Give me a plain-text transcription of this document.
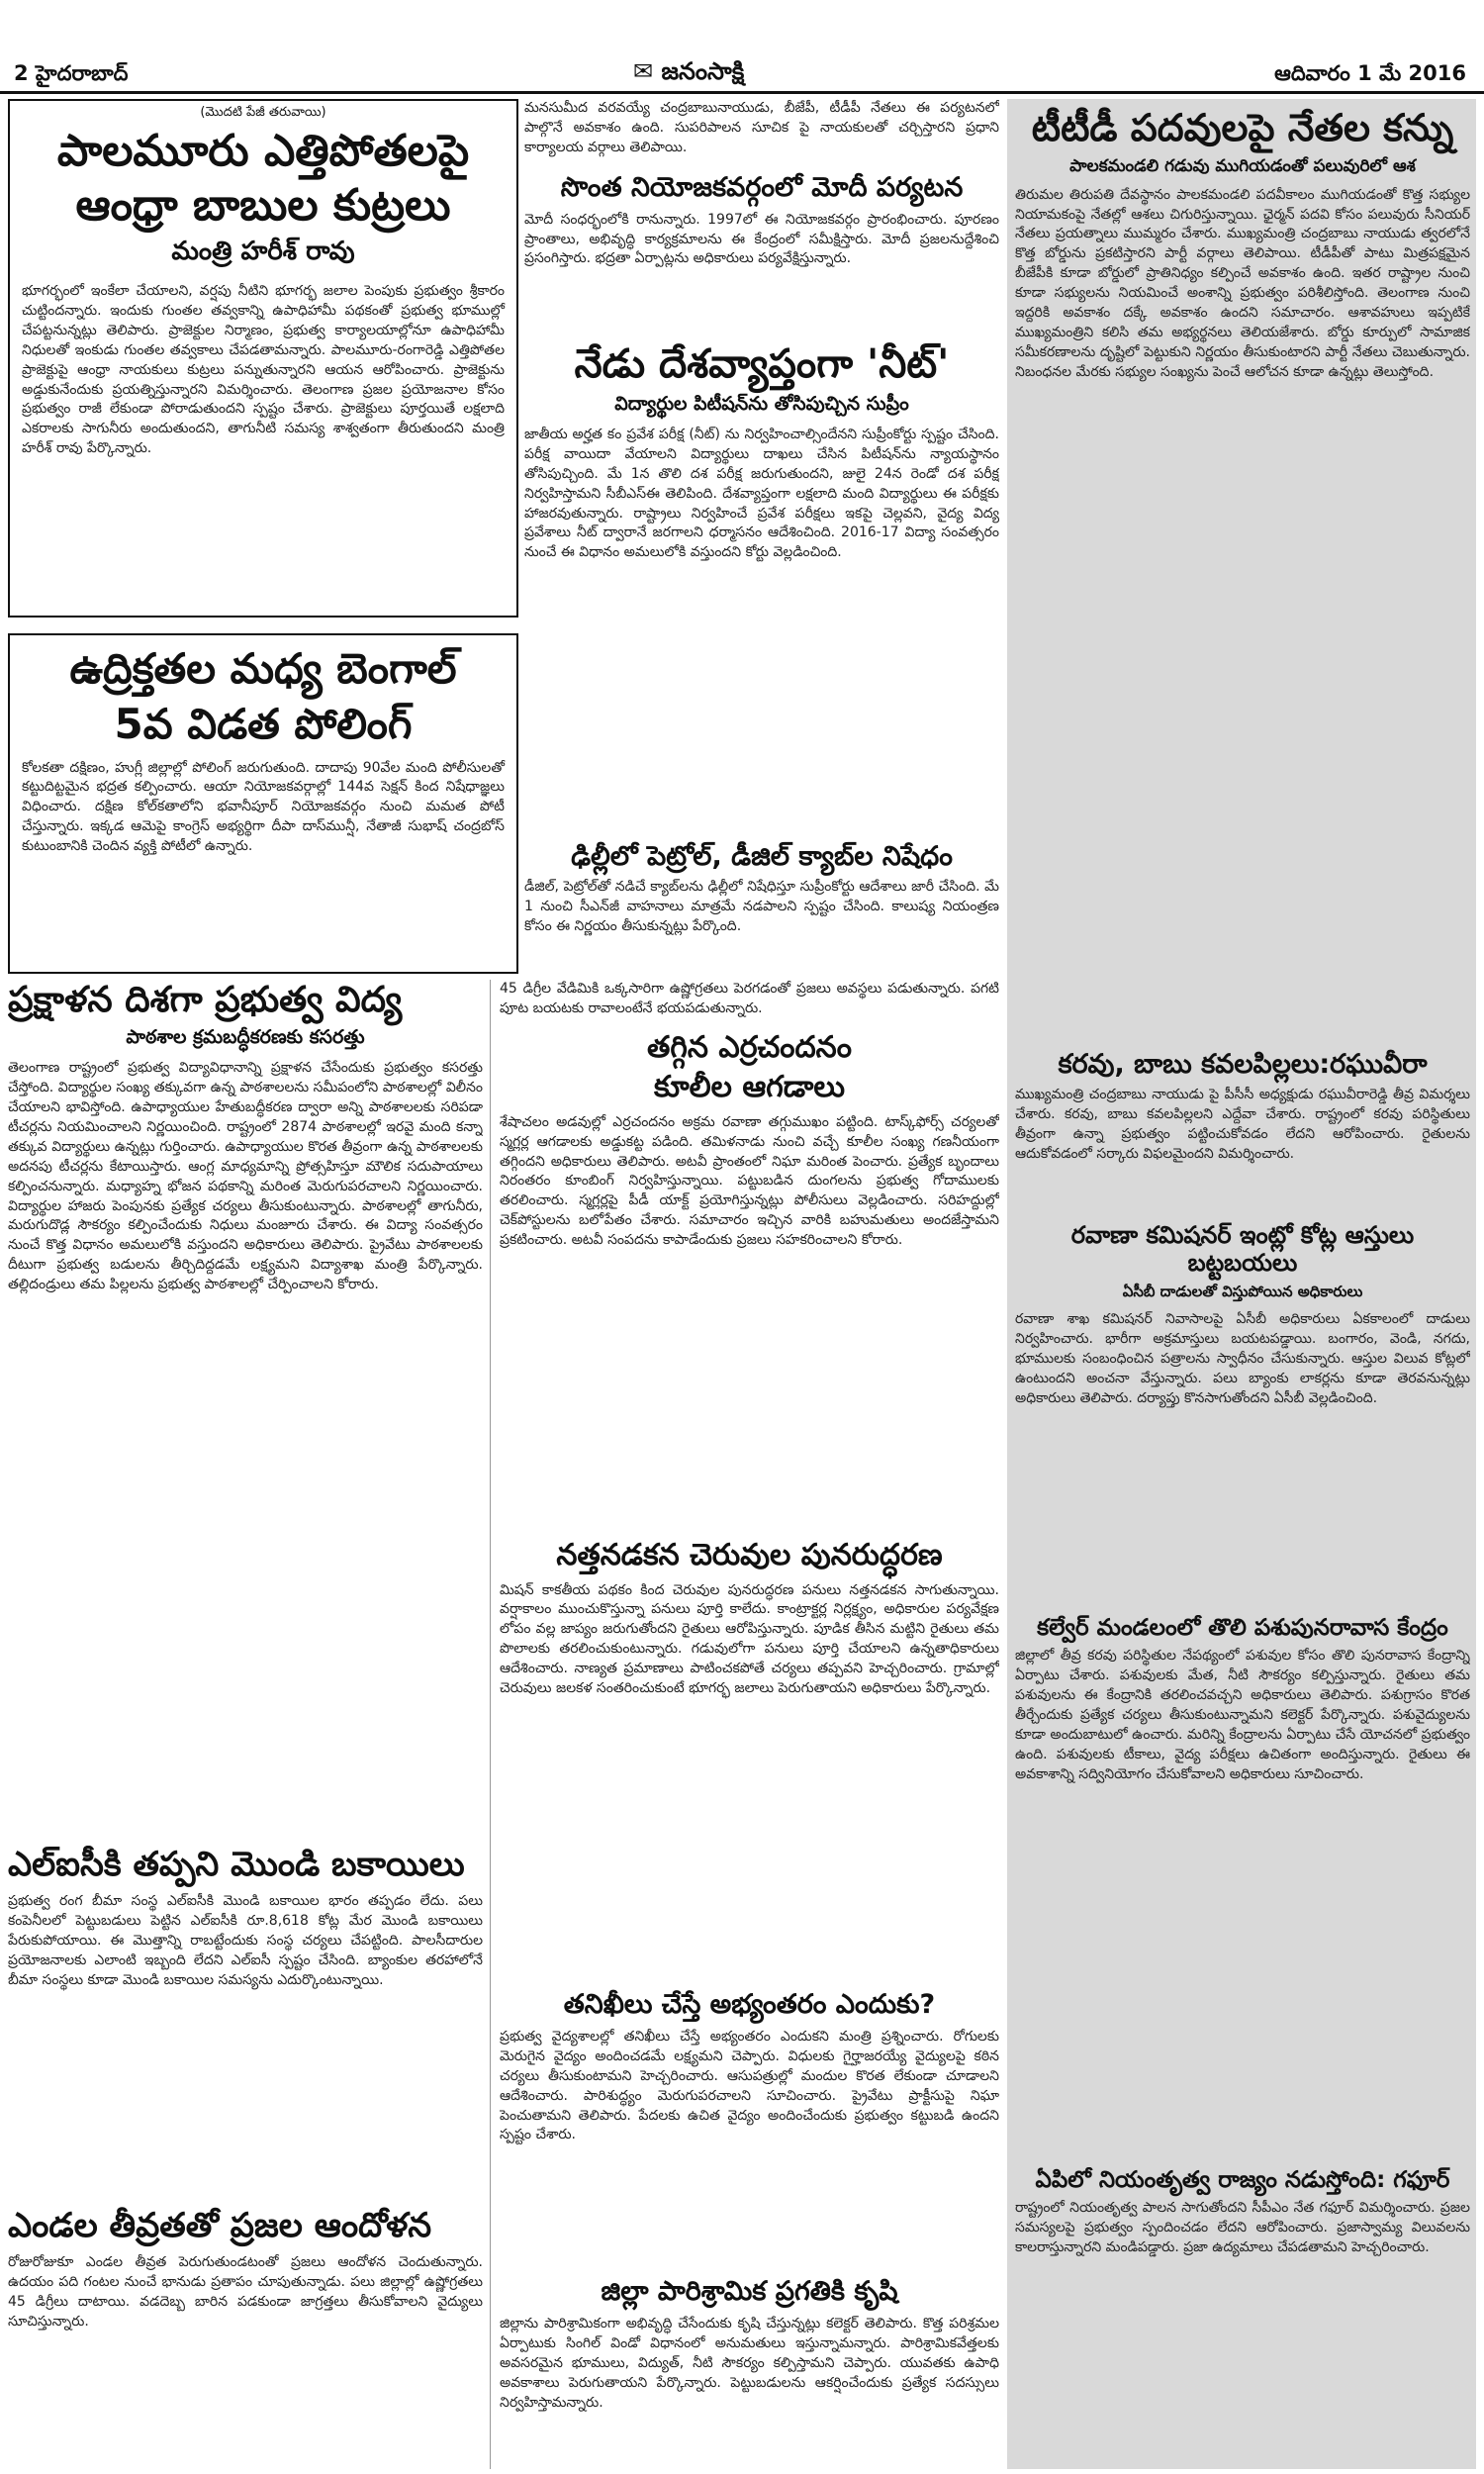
2 హైదరాబాద్	✉ జనంసాక్షి	ఆదివారం 1 మే 2016
(మొదటి పేజీ తరువాయి)
పాలమూరు ఎత్తిపోతలపై
ఆంధ్రా బాబుల కుట్రలు
మంత్రి హరీశ్‌ రావు
భూగర్భంలో ఇంకేలా చేయాలని, వర్షపు నీటిని భూగర్భ జలాల పెంపుకు ప్రభుత్వం శ్రీకారం చుట్టిందన్నారు. ఇందుకు గుంతల తవ్వకాన్ని ఉపాధిహామీ పథకంతో ప్రభుత్వ భూముల్లో చేపట్టనున్నట్లు తెలిపారు. ప్రాజెక్టుల నిర్మాణం, ప్రభుత్వ కార్యాలయాల్లోనూ ఉపాధిహామీ నిధులతో ఇంకుడు గుంతల తవ్వకాలు చేపడతామన్నారు. పాలమూరు-రంగారెడ్డి ఎత్తిపోతల ప్రాజెక్టుపై ఆంధ్రా నాయకులు కుట్రలు పన్నుతున్నారని ఆయన ఆరోపించారు. ప్రాజెక్టును అడ్డుకునేందుకు ప్రయత్నిస్తున్నారని విమర్శించారు. తెలంగాణ ప్రజల ప్రయోజనాల కోసం ప్రభుత్వం రాజీ లేకుండా పోరాడుతుందని స్పష్టం చేశారు. ప్రాజెక్టులు పూర్తయితే లక్షలాది ఎకరాలకు సాగునీరు అందుతుందని, తాగునీటి సమస్య శాశ్వతంగా తీరుతుందని మంత్రి హరీశ్‌ రావు పేర్కొన్నారు.
ఉద్రిక్తతల మధ్య బెంగాల్‌
5వ విడత పోలింగ్‌
కోలకతా దక్షిణం, హుగ్లీ జిల్లాల్లో పోలింగ్‌ జరుగుతుంది. దాదాపు 90వేల మంది పోలీసులతో కట్టుదిట్టమైన భద్రత కల్పించారు. ఆయా నియోజకవర్గాల్లో 144వ సెక్షన్‌ కింద నిషేధాజ్ఞలు విధించారు. దక్షిణ కోల్‌కతాలోని భవానీపూర్‌ నియోజకవర్గం నుంచి మమత పోటీ చేస్తున్నారు. ఇక్కడ ఆమెపై కాంగ్రెస్‌ అభ్యర్థిగా దీపా దాస్‌మున్షీ, నేతాజీ సుభాష్‌ చంద్రబోస్‌ కుటుంబానికి చెందిన వ్యక్తి పోటీలో ఉన్నారు.
మనసుమీద వరవయ్యే చంద్రబాబునాయుడు, బీజేపీ, టీడీపీ నేతలు ఈ పర్యటనలో పాల్గొనే అవకాశం ఉంది. సుపరిపాలన సూచిక పై నాయకులతో చర్చిస్తారని ప్రధాని కార్యాలయ వర్గాలు తెలిపాయి.
సొంత నియోజకవర్గంలో మోదీ పర్యటన
మోదీ సంధర్భంలోకి రానున్నారు. 1997లో ఈ నియోజకవర్గం ప్రారంభించారు. పూరణం ప్రాంతాలు, అభివృద్ధి కార్యక్రమాలను ఈ కేంద్రంలో సమీక్షిస్తారు. మోదీ ప్రజలనుద్దేశించి ప్రసంగిస్తారు. భద్రతా ఏర్పాట్లను అధికారులు పర్యవేక్షిస్తున్నారు.
నేడు దేశవ్యాప్తంగా 'నీట్‌'
విద్యార్థుల పిటీషన్‌ను తోసిపుచ్చిన సుప్రీం
జాతీయ అర్హత కం ప్రవేశ పరీక్ష (నీట్‌) ను నిర్వహించాల్సిందేనని సుప్రీంకోర్టు స్పష్టం చేసింది. పరీక్ష వాయిదా వేయాలని విద్యార్థులు దాఖలు చేసిన పిటీషన్‌ను న్యాయస్థానం తోసిపుచ్చింది. మే 1న తొలి దశ పరీక్ష జరుగుతుందని, జులై 24న రెండో దశ పరీక్ష నిర్వహిస్తామని సీబీఎస్‌ఈ తెలిపింది. దేశవ్యాప్తంగా లక్షలాది మంది విద్యార్థులు ఈ పరీక్షకు హాజరవుతున్నారు. రాష్ట్రాలు నిర్వహించే ప్రవేశ పరీక్షలు ఇకపై చెల్లవని, వైద్య విద్య ప్రవేశాలు నీట్‌ ద్వారానే జరగాలని ధర్మాసనం ఆదేశించింది. 2016-17 విద్యా సంవత్సరం నుంచే ఈ విధానం అమలులోకి వస్తుందని కోర్టు వెల్లడించింది.
ఢిల్లీలో పెట్రోల్‌, డీజిల్‌ క్యాబ్‌ల నిషేధం
డీజిల్‌, పెట్రోల్‌తో నడిచే క్యాబ్‌లను ఢిల్లీలో నిషేధిస్తూ సుప్రీంకోర్టు ఆదేశాలు జారీ చేసింది. మే 1 నుంచి సీఎన్‌జీ వాహనాలు మాత్రమే నడపాలని స్పష్టం చేసింది. కాలుష్య నియంత్రణ కోసం ఈ నిర్ణయం తీసుకున్నట్లు పేర్కొంది.
టీటీడీ పదవులపై నేతల కన్ను
పాలకమండలి గడువు ముగియడంతో పలువురిలో ఆశ
తిరుమల తిరుపతి దేవస్థానం పాలకమండలి పదవీకాలం ముగియడంతో కొత్త సభ్యుల నియామకంపై నేతల్లో ఆశలు చిగురిస్తున్నాయి. ఛైర్మన్‌ పదవి కోసం పలువురు సీనియర్‌ నేతలు ప్రయత్నాలు ముమ్మరం చేశారు. ముఖ్యమంత్రి చంద్రబాబు నాయుడు త్వరలోనే కొత్త బోర్డును ప్రకటిస్తారని పార్టీ వర్గాలు తెలిపాయి. టీడీపీతో పాటు మిత్రపక్షమైన బీజేపీకి కూడా బోర్డులో ప్రాతినిధ్యం కల్పించే అవకాశం ఉంది. ఇతర రాష్ట్రాల నుంచి కూడా సభ్యులను నియమించే అంశాన్ని ప్రభుత్వం పరిశీలిస్తోంది. తెలంగాణ నుంచి ఇద్దరికి అవకాశం దక్కే అవకాశం ఉందని సమాచారం. ఆశావహులు ఇప్పటికే ముఖ్యమంత్రిని కలిసి తమ అభ్యర్థనలు తెలియజేశారు. బోర్డు కూర్పులో సామాజిక సమీకరణాలను దృష్టిలో పెట్టుకుని నిర్ణయం తీసుకుంటారని పార్టీ నేతలు చెబుతున్నారు. నిబంధనల మేరకు సభ్యుల సంఖ్యను పెంచే ఆలోచన కూడా ఉన్నట్లు తెలుస్తోంది.
కరవు, బాబు కవలపిల్లలు:రఘువీరా
ముఖ్యమంత్రి చంద్రబాబు నాయుడు పై పీసీసీ అధ్యక్షుడు రఘువీరారెడ్డి తీవ్ర విమర్శలు చేశారు. కరవు, బాబు కవలపిల్లలని ఎద్దేవా చేశారు. రాష్ట్రంలో కరవు పరిస్థితులు తీవ్రంగా ఉన్నా ప్రభుత్వం పట్టించుకోవడం లేదని ఆరోపించారు. రైతులను ఆదుకోవడంలో సర్కారు విఫలమైందని విమర్శించారు.
రవాణా కమిషనర్‌ ఇంట్లో కోట్ల ఆస్తులు బట్టబయలు
ఏసీబీ దాడులతో విస్తుపోయిన అధికారులు
రవాణా శాఖ కమిషనర్‌ నివాసాలపై ఏసీబీ అధికారులు ఏకకాలంలో దాడులు నిర్వహించారు. భారీగా అక్రమాస్తులు బయటపడ్డాయి. బంగారం, వెండి, నగదు, భూములకు సంబంధించిన పత్రాలను స్వాధీనం చేసుకున్నారు. ఆస్తుల విలువ కోట్లలో ఉంటుందని అంచనా వేస్తున్నారు. పలు బ్యాంకు లాకర్లను కూడా తెరవనున్నట్లు అధికారులు తెలిపారు. దర్యాప్తు కొనసాగుతోందని ఏసీబీ వెల్లడించింది.
కల్వేర్‌ మండలంలో తొలి పశుపునరావాస కేంద్రం
జిల్లాలో తీవ్ర కరవు పరిస్థితుల నేపథ్యంలో పశువుల కోసం తొలి పునరావాస కేంద్రాన్ని ఏర్పాటు చేశారు. పశువులకు మేత, నీటి సౌకర్యం కల్పిస్తున్నారు. రైతులు తమ పశువులను ఈ కేంద్రానికి తరలించవచ్చని అధికారులు తెలిపారు. పశుగ్రాసం కొరత తీర్చేందుకు ప్రత్యేక చర్యలు తీసుకుంటున్నామని కలెక్టర్‌ పేర్కొన్నారు. పశువైద్యులను కూడా అందుబాటులో ఉంచారు. మరిన్ని కేంద్రాలను ఏర్పాటు చేసే యోచనలో ప్రభుత్వం ఉంది. పశువులకు టీకాలు, వైద్య పరీక్షలు ఉచితంగా అందిస్తున్నారు. రైతులు ఈ అవకాశాన్ని సద్వినియోగం చేసుకోవాలని అధికారులు సూచించారు.
ఏపిలో నియంతృత్వ రాజ్యం నడుస్తోంది: గఫూర్‌
రాష్ట్రంలో నియంతృత్వ పాలన సాగుతోందని సీపీఎం నేత గఫూర్‌ విమర్శించారు. ప్రజల సమస్యలపై ప్రభుత్వం స్పందించడం లేదని ఆరోపించారు. ప్రజాస్వామ్య విలువలను కాలరాస్తున్నారని మండిపడ్డారు. ప్రజా ఉద్యమాలు చేపడతామని హెచ్చరించారు.
ప్రక్షాళన దిశగా ప్రభుత్వ విద్య
పాఠశాల క్రమబద్ధీకరణకు కసరత్తు
తెలంగాణ రాష్ట్రంలో ప్రభుత్వ విద్యావిధానాన్ని ప్రక్షాళన చేసేందుకు ప్రభుత్వం కసరత్తు చేస్తోంది. విద్యార్థుల సంఖ్య తక్కువగా ఉన్న పాఠశాలలను సమీపంలోని పాఠశాలల్లో విలీనం చేయాలని భావిస్తోంది. ఉపాధ్యాయుల హేతుబద్ధీకరణ ద్వారా అన్ని పాఠశాలలకు సరిపడా టీచర్లను నియమించాలని నిర్ణయించింది. రాష్ట్రంలో 2874 పాఠశాలల్లో ఇరవై మంది కన్నా తక్కువ విద్యార్థులు ఉన్నట్లు గుర్తించారు. ఉపాధ్యాయుల కొరత తీవ్రంగా ఉన్న పాఠశాలలకు అదనపు టీచర్లను కేటాయిస్తారు. ఆంగ్ల మాధ్యమాన్ని ప్రోత్సహిస్తూ మౌలిక సదుపాయాలు కల్పించనున్నారు. మధ్యాహ్న భోజన పథకాన్ని మరింత మెరుగుపరచాలని నిర్ణయించారు. విద్యార్థుల హాజరు పెంపునకు ప్రత్యేక చర్యలు తీసుకుంటున్నారు. పాఠశాలల్లో తాగునీరు, మరుగుదొడ్ల సౌకర్యం కల్పించేందుకు నిధులు మంజూరు చేశారు. ఈ విద్యా సంవత్సరం నుంచే కొత్త విధానం అమలులోకి వస్తుందని అధికారులు తెలిపారు. ప్రైవేటు పాఠశాలలకు దీటుగా ప్రభుత్వ బడులను తీర్చిదిద్దడమే లక్ష్యమని విద్యాశాఖ మంత్రి పేర్కొన్నారు. తల్లిదండ్రులు తమ పిల్లలను ప్రభుత్వ పాఠశాలల్లో చేర్పించాలని కోరారు.
ఎల్‌ఐసీకి తప్పని మొండి బకాయిలు
ప్రభుత్వ రంగ బీమా సంస్థ ఎల్‌ఐసీకి మొండి బకాయిల భారం తప్పడం లేదు. పలు కంపెనీలలో పెట్టుబడులు పెట్టిన ఎల్‌ఐసీకి రూ.8,618 కోట్ల మేర మొండి బకాయిలు పేరుకుపోయాయి. ఈ మొత్తాన్ని రాబట్టేందుకు సంస్థ చర్యలు చేపట్టింది. పాలసీదారుల ప్రయోజనాలకు ఎలాంటి ఇబ్బంది లేదని ఎల్‌ఐసీ స్పష్టం చేసింది. బ్యాంకుల తరహాలోనే బీమా సంస్థలు కూడా మొండి బకాయిల సమస్యను ఎదుర్కొంటున్నాయి.
ఎండల తీవ్రతతో ప్రజల ఆందోళన
రోజురోజుకూ ఎండల తీవ్రత పెరుగుతుండటంతో ప్రజలు ఆందోళన చెందుతున్నారు. ఉదయం పది గంటల నుంచే భానుడు ప్రతాపం చూపుతున్నాడు. పలు జిల్లాల్లో ఉష్ణోగ్రతలు 45 డిగ్రీలు దాటాయి. వడదెబ్బ బారిన పడకుండా జాగ్రత్తలు తీసుకోవాలని వైద్యులు సూచిస్తున్నారు.
45 డిగ్రీల వేడిమికి ఒక్కసారిగా ఉష్ణోగ్రతలు పెరగడంతో ప్రజలు అవస్థలు పడుతున్నారు. పగటి పూట బయటకు రావాలంటేనే భయపడుతున్నారు.
తగ్గిన ఎర్రచందనం
కూలీల ఆగడాలు
శేషాచలం అడవుల్లో ఎర్రచందనం అక్రమ రవాణా తగ్గుముఖం పట్టింది. టాస్క్‌ఫోర్స్‌ చర్యలతో స్మగ్లర్ల ఆగడాలకు అడ్డుకట్ట పడింది. తమిళనాడు నుంచి వచ్చే కూలీల సంఖ్య గణనీయంగా తగ్గిందని అధికారులు తెలిపారు. అటవీ ప్రాంతంలో నిఘా మరింత పెంచారు. ప్రత్యేక బృందాలు నిరంతరం కూంబింగ్‌ నిర్వహిస్తున్నాయి. పట్టుబడిన దుంగలను ప్రభుత్వ గోదాములకు తరలించారు. స్మగ్లర్లపై పీడీ యాక్ట్‌ ప్రయోగిస్తున్నట్లు పోలీసులు వెల్లడించారు. సరిహద్దుల్లో చెక్‌పోస్టులను బలోపేతం చేశారు. సమాచారం ఇచ్చిన వారికి బహుమతులు అందజేస్తామని ప్రకటించారు. అటవీ సంపదను కాపాడేందుకు ప్రజలు సహకరించాలని కోరారు.
నత్తనడకన చెరువుల పునరుద్ధరణ
మిషన్‌ కాకతీయ పథకం కింద చెరువుల పునరుద్ధరణ పనులు నత్తనడకన సాగుతున్నాయి. వర్షాకాలం ముంచుకొస్తున్నా పనులు పూర్తి కాలేదు. కాంట్రాక్టర్ల నిర్లక్ష్యం, అధికారుల పర్యవేక్షణ లోపం వల్ల జాప్యం జరుగుతోందని రైతులు ఆరోపిస్తున్నారు. పూడిక తీసిన మట్టిని రైతులు తమ పొలాలకు తరలించుకుంటున్నారు. గడువులోగా పనులు పూర్తి చేయాలని ఉన్నతాధికారులు ఆదేశించారు. నాణ్యత ప్రమాణాలు పాటించకపోతే చర్యలు తప్పవని హెచ్చరించారు. గ్రామాల్లో చెరువులు జలకళ సంతరించుకుంటే భూగర్భ జలాలు పెరుగుతాయని అధికారులు పేర్కొన్నారు.
తనిఖీలు చేస్తే అభ్యంతరం ఎందుకు?
ప్రభుత్వ వైద్యశాలల్లో తనిఖీలు చేస్తే అభ్యంతరం ఎందుకని మంత్రి ప్రశ్నించారు. రోగులకు మెరుగైన వైద్యం అందించడమే లక్ష్యమని చెప్పారు. విధులకు గైర్హాజరయ్యే వైద్యులపై కఠిన చర్యలు తీసుకుంటామని హెచ్చరించారు. ఆసుపత్రుల్లో మందుల కొరత లేకుండా చూడాలని ఆదేశించారు. పారిశుద్ధ్యం మెరుగుపరచాలని సూచించారు. ప్రైవేటు ప్రాక్టీసుపై నిఘా పెంచుతామని తెలిపారు. పేదలకు ఉచిత వైద్యం అందించేందుకు ప్రభుత్వం కట్టుబడి ఉందని స్పష్టం చేశారు.
జిల్లా పారిశ్రామిక ప్రగతికి కృషి
జిల్లాను పారిశ్రామికంగా అభివృద్ధి చేసేందుకు కృషి చేస్తున్నట్లు కలెక్టర్‌ తెలిపారు. కొత్త పరిశ్రమల ఏర్పాటుకు సింగిల్‌ విండో విధానంలో అనుమతులు ఇస్తున్నామన్నారు. పారిశ్రామికవేత్తలకు అవసరమైన భూములు, విద్యుత్‌, నీటి సౌకర్యం కల్పిస్తామని చెప్పారు. యువతకు ఉపాధి అవకాశాలు పెరుగుతాయని పేర్కొన్నారు. పెట్టుబడులను ఆకర్షించేందుకు ప్రత్యేక సదస్సులు నిర్వహిస్తామన్నారు.
